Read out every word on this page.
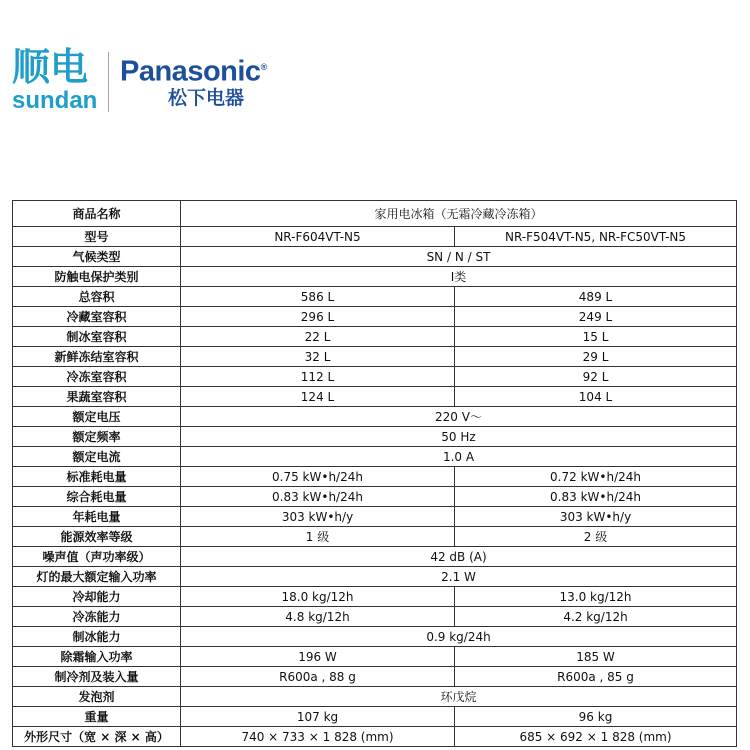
顺电
sundan
Panasonic®
松下电器
商品名称	家用电冰箱（无霜冷藏冷冻箱）	
型号	NR-F604VT-N5	NR-F504VT-N5, NR-FC50VT-N5
气候类型	SN / N / ST	
防触电保护类别	Ⅰ类	
总容积	586 L	489 L
冷藏室容积	296 L	249 L
制冰室容积	22 L	15 L
新鲜冻结室容积	32 L	29 L
冷冻室容积	112 L	92 L
果蔬室容积	124 L	104 L
额定电压	220 V～	
额定频率	50 Hz	
额定电流	1.0 A	
标准耗电量	0.75 kW•h/24h	0.72 kW•h/24h
综合耗电量	0.83 kW•h/24h	0.83 kW•h/24h
年耗电量	303 kW•h/y	303 kW•h/y
能源效率等级	1 级	2 级
噪声值（声功率级）	42 dB (A)	
灯的最大额定输入功率	2.1 W	
冷却能力	18.0 kg/12h	13.0 kg/12h
冷冻能力	4.8 kg/12h	4.2 kg/12h
制冰能力	0.9 kg/24h	
除霜输入功率	196 W	185 W
制冷剂及装入量	R600a , 88 g	R600a , 85 g
发泡剂	环戊烷	
重量	107 kg	96 kg
外形尺寸（宽 × 深 × 高）	740 × 733 × 1 828 (mm)	685 × 692 × 1 828 (mm)
